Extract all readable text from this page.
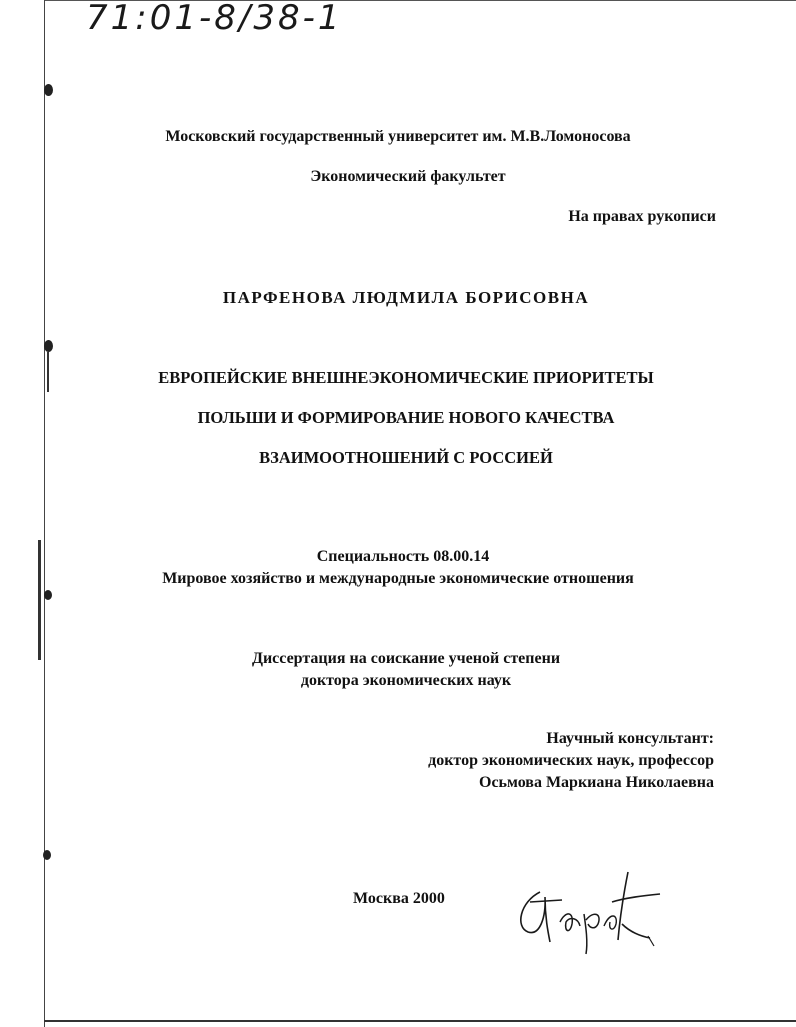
71:01-8/38-1
Московский государственный университет им. М.В.Ломоносова
Экономический факультет
На правах рукописи
ПАРФЕНОВА ЛЮДМИЛА БОРИСОВНА
ЕВРОПЕЙСКИЕ ВНЕШНЕЭКОНОМИЧЕСКИЕ ПРИОРИТЕТЫ
ПОЛЬШИ И ФОРМИРОВАНИЕ НОВОГО КАЧЕСТВА
ВЗАИМООТНОШЕНИЙ С РОССИЕЙ
Специальность 08.00.14
Мировое хозяйство и международные экономические отношения
Диссертация на соискание ученой степени
доктора экономических наук
Научный консультант:
доктор экономических наук, профессор
Осьмова Маркиана Николаевна
Москва 2000
